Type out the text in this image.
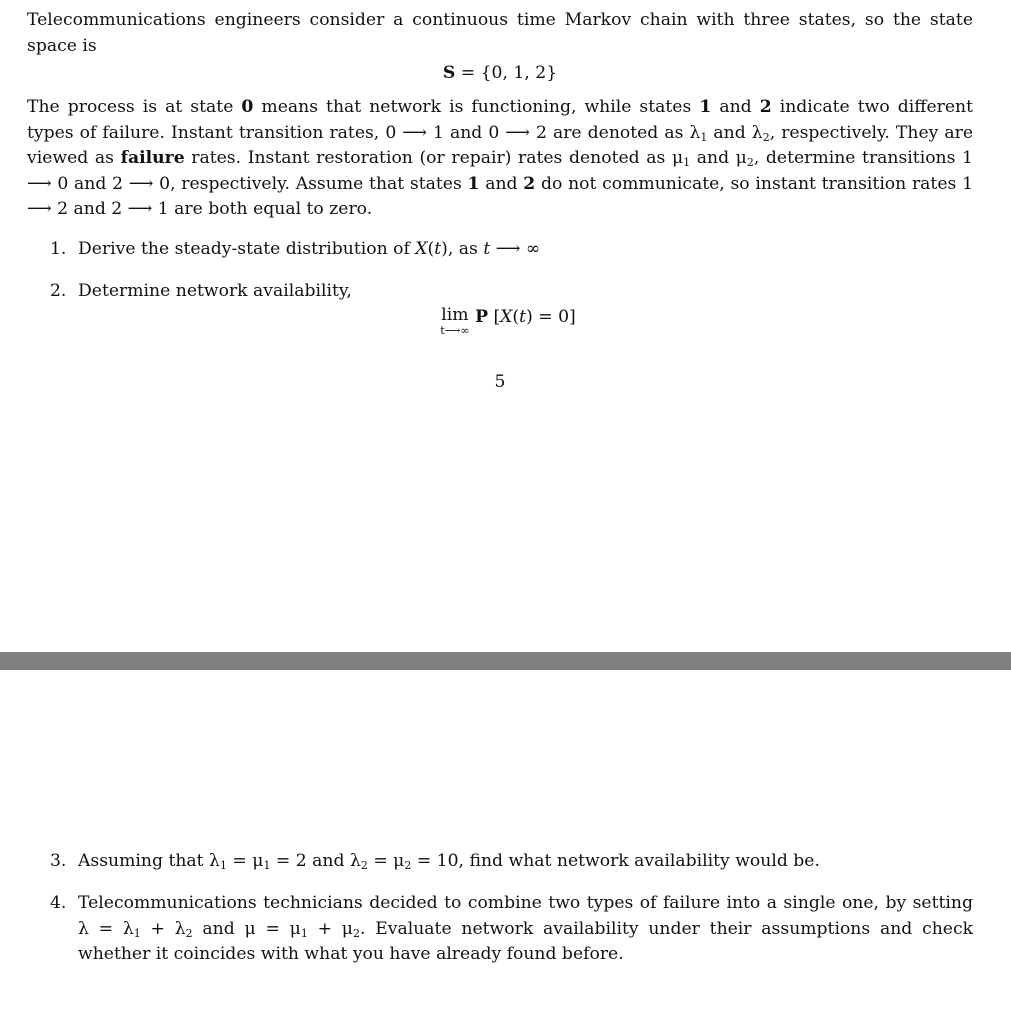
Telecommunications engineers consider a continuous time Markov chain with three states, so the state space is

S = {0, 1, 2}

The process is at state 0 means that network is functioning, while states 1 and 2 indicate two different types of failure. Instant transition rates, 0 ⟶ 1 and 0 ⟶ 2 are denoted as $\lambda_1$ and $\lambda_2$, respectively. They are viewed as failure rates. Instant restoration (or repair) rates denoted as $\mu_1$ and $\mu_2$, determine transitions 1 ⟶ 0 and 2 ⟶ 0, respectively. Assume that states 1 and 2 do not communicate, so instant transition rates 1 ⟶ 2 and 2 ⟶ 1 are both equal to zero.

1. Derive the steady-state distribution of X(t), as t ⟶ ∞
2. Determine network availability,
lim
t⟶∞
P [X(t) = 0]
5
3. Assuming that $\lambda_1 = \mu_1 = 2$ and $\lambda_2 = \mu_2 = 10$, find what network availability would be.
4. Telecommunications technicians decided to combine two types of failure into a single one, by setting $\lambda = \lambda_1 + \lambda_2$ and $\mu = \mu_1 + \mu_2$. Evaluate network availability under their assumptions and check whether it coincides with what you have already found before.
